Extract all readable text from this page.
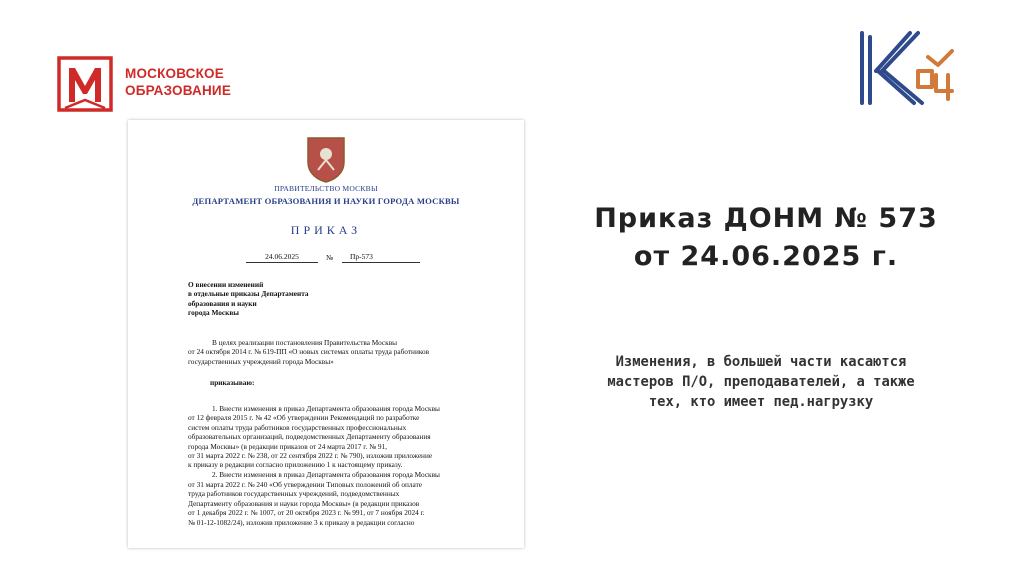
МОСКОВСКОЕ
ОБРАЗОВАНИЕ
ПРАВИТЕЛЬСТВО МОСКВЫ
ДЕПАРТАМЕНТ ОБРАЗОВАНИЯ И НАУКИ ГОРОДА МОСКВЫ
ПРИКАЗ
24.06.2025	№	Пр-573
О внесении изменений
в отдельные приказы Департамента
образования и науки
города Москвы
В целях реализации постановления Правительства Москвы
от 24 октября 2014 г. № 619-ПП «О новых системах оплаты труда работников
государственных учреждений города Москвы»
приказываю:
1. Внести изменения в приказ Департамента образования города Москвы
от 12 февраля 2015 г. № 42 «Об утверждении Рекомендаций по разработке
систем оплаты труда работников государственных профессиональных
образовательных организаций, подведомственных Департаменту образования
города Москвы» (в редакции приказов от 24 марта 2017 г. № 91,
от 31 марта 2022 г. № 238, от 22 сентября 2022 г. № 790), изложив приложение
к приказу в редакции согласно приложению 1 к настоящему приказу.
2. Внести изменения в приказ Департамента образования города Москвы
от 31 марта 2022 г. № 240 «Об утверждении Типовых положений об оплате
труда работников государственных учреждений, подведомственных
Департаменту образования и науки города Москвы» (в редакции приказов
от 1 декабря 2022 г. № 1007, от 20 октября 2023 г. № 991, от 7 ноября 2024 г.
№ 01-12-1082/24), изложив приложение 3 к приказу в редакции согласно
Приказ ДОНМ № 573
от 24.06.2025 г.
Изменения, в большей части касаются
мастеров П/О, преподавателей, а также
тех, кто имеет пед.нагрузку
